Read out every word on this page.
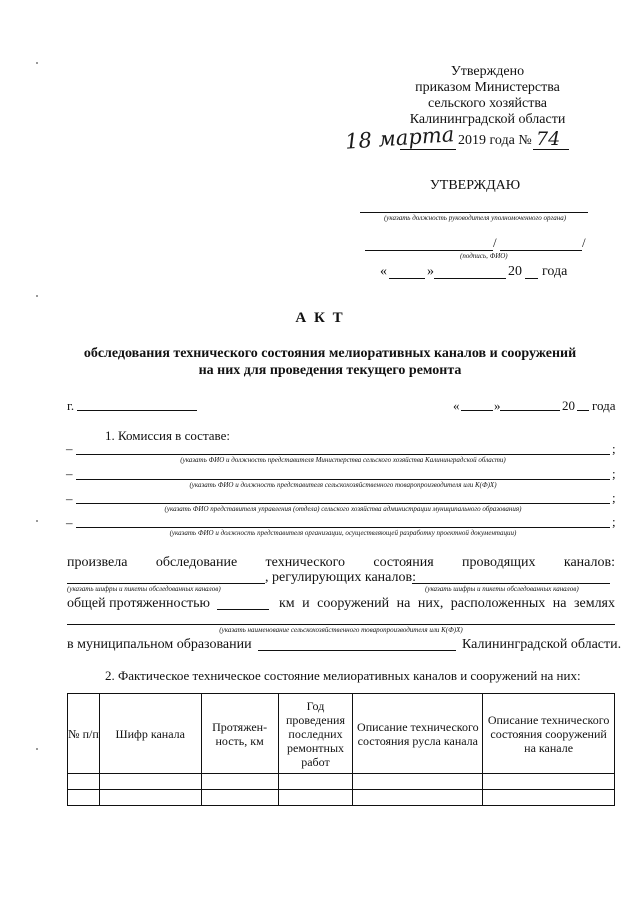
Утверждено
приказом Министерства
сельского хозяйства
Калининградской области
18 марта 2019 года № 74
УТВЕРЖДАЮ
(указать должность руководителя уполномоченного органа)
/	/
(подпись, ФИО)
«	»	20 года
А К Т
обследования технического состояния мелиоративных каналов и сооружений
на них для проведения текущего ремонта
г.	«	»	20 года
1. Комиссия в составе:
–	;
(указать ФИО и должность представителя Министерства сельского хозяйства Калининградской области)
–	;
(указать ФИО и должность представителя сельскохозяйственного товаропроизводителя или К(Ф)Х)
–	;
(указать ФИО представителя управления (отдела) сельского хозяйства администрации муниципального образования)
–	;
(указать ФИО и должность представителя организации, осуществляющей разработку проектной документации)
произвела обследование технического состояния проводящих каналов:
, регулирующих каналов:
(указать шифры и пикеты обследованных каналов)	(указать шифры и пикеты обследованных каналов)
общей протяженностью	км и сооружений на них, расположенных на землях
(указать наименование сельскохозяйственного товаропроизводителя или К(Ф)Х)
в муниципальном образовании	Калининградской области.
2. Фактическое техническое состояние мелиоративных каналов и сооружений на них:
№ п/п	Шифр канала	Протяжен-ность, км	Год проведения последних ремонтных работ	Описание технического состояния русла канала	Описание технического состояния сооружений на канале
